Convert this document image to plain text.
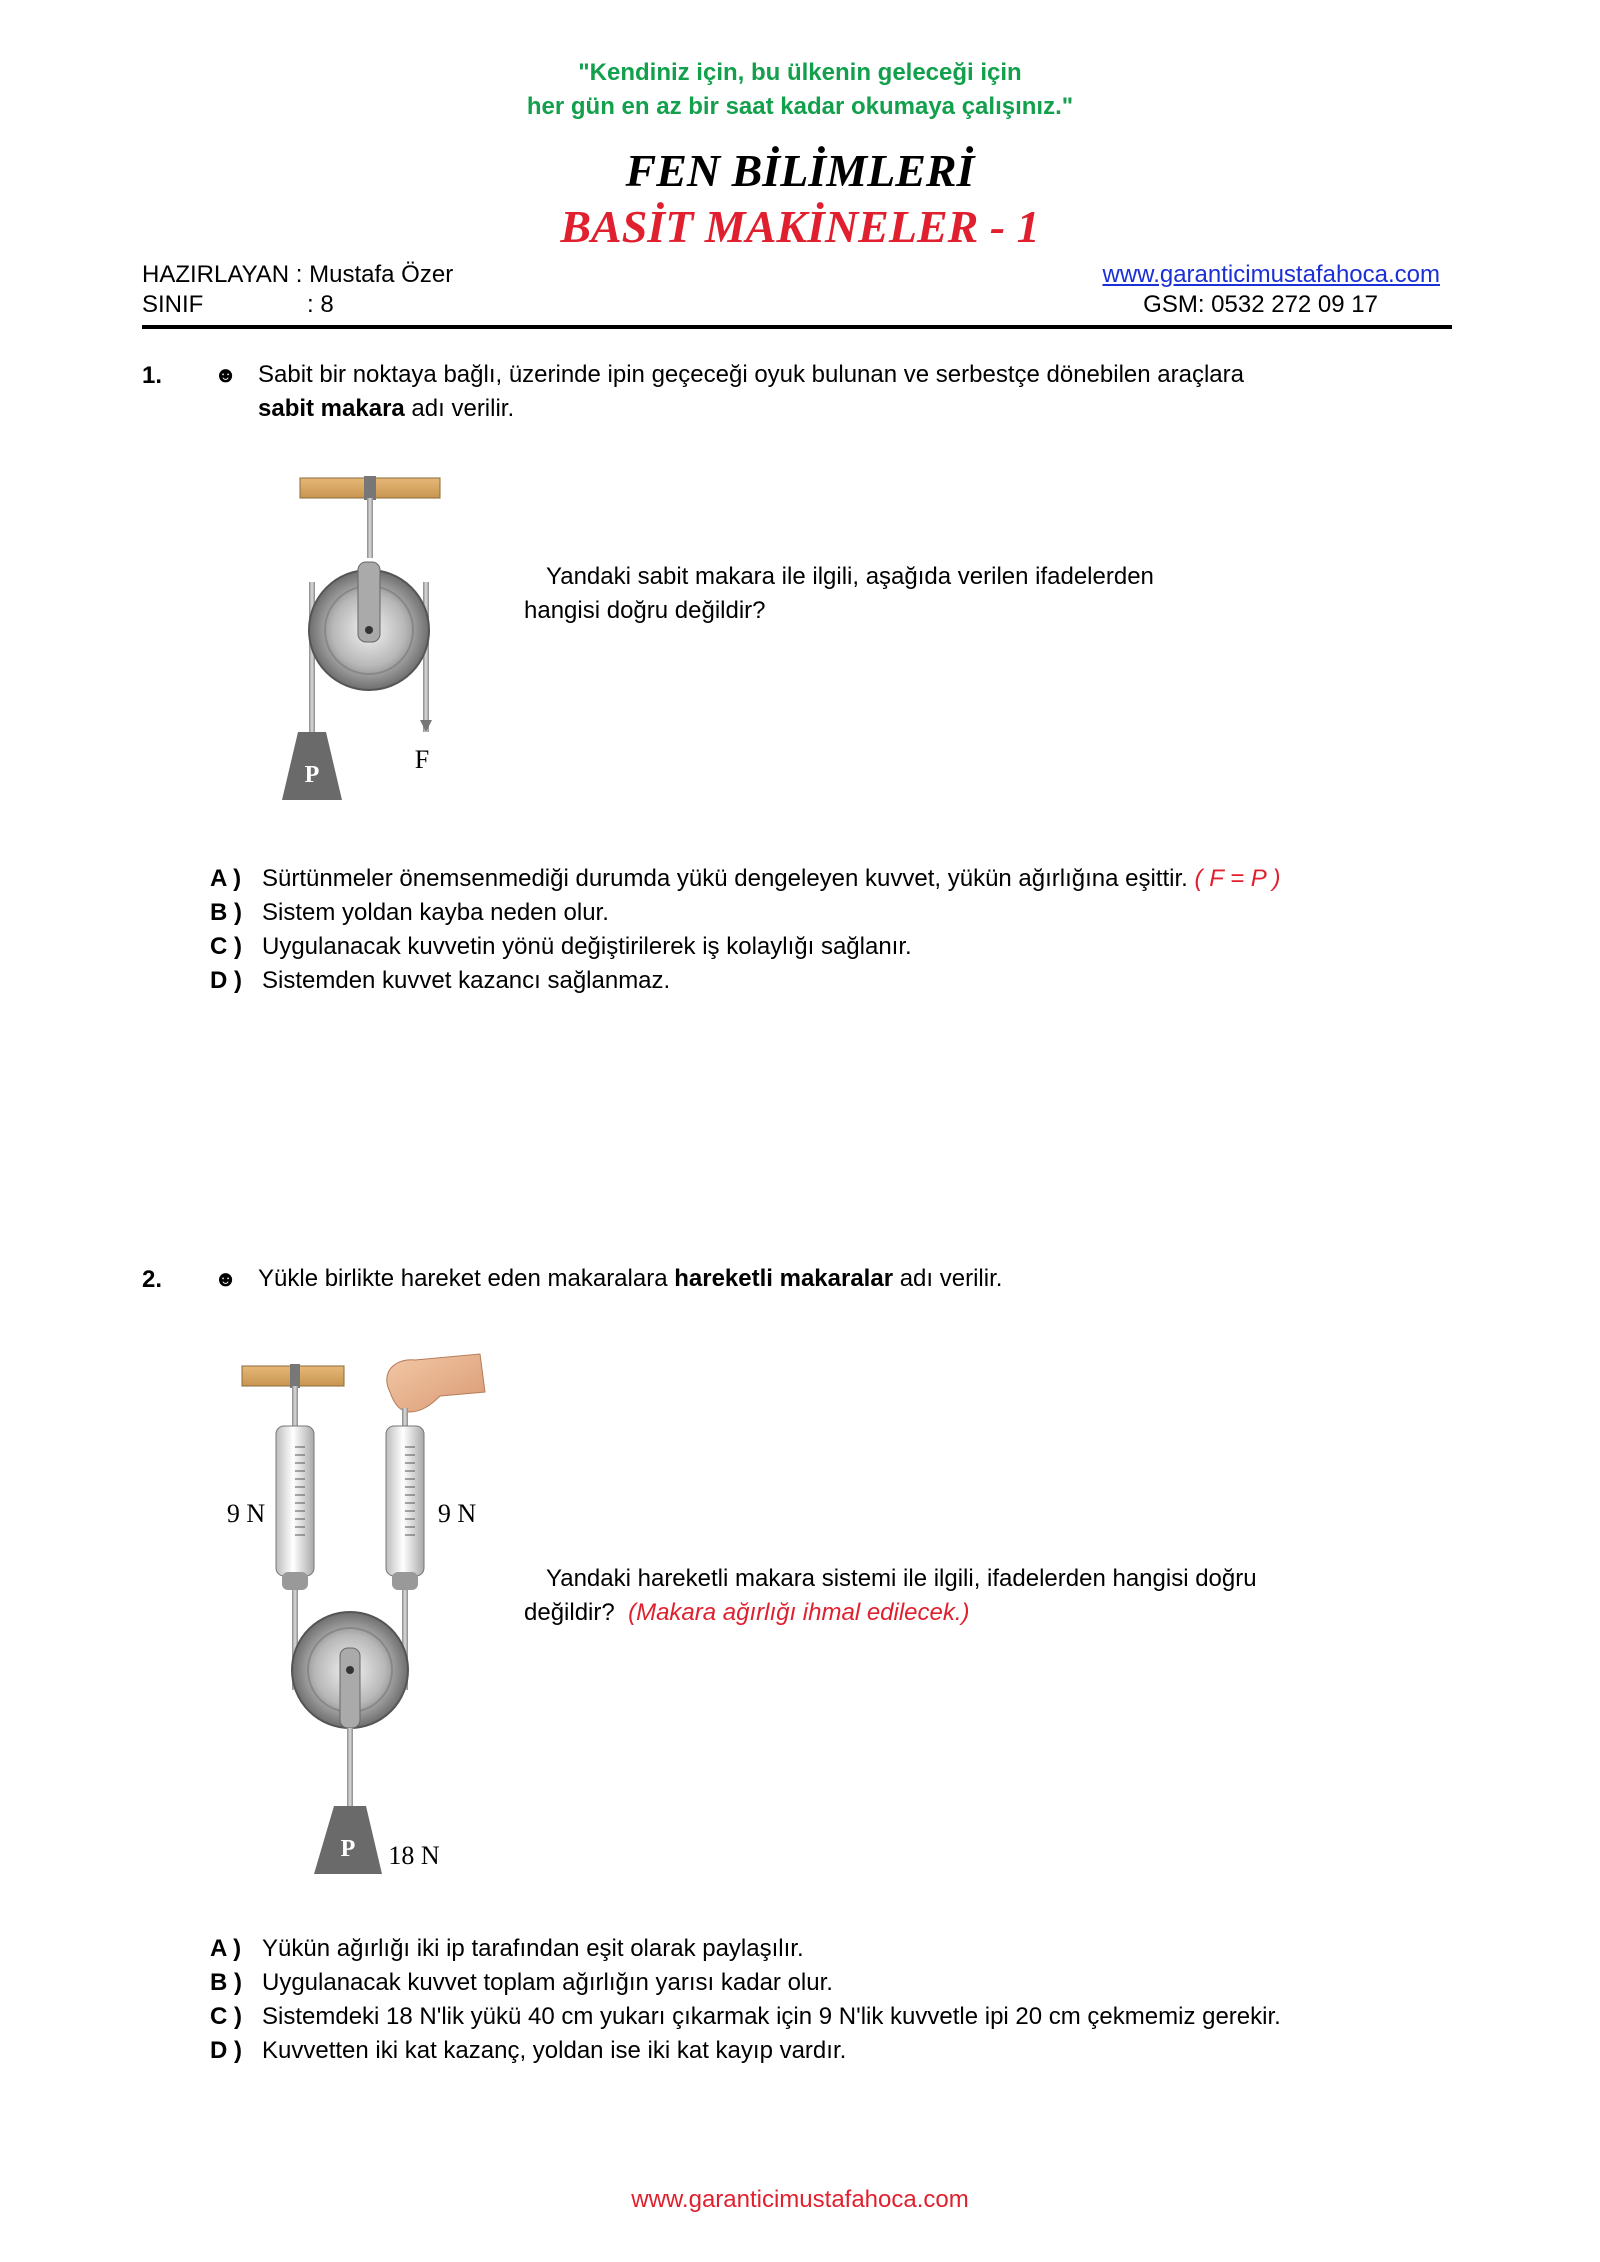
"Kendiniz için, bu ülkenin geleceği için
her gün en az bir saat kadar okumaya çalışınız."
FEN BİLİMLERİ
BASİT MAKİNELER - 1
HAZIRLAYAN : Mustafa Özer
SINIF	: 8
www.garanticimustafahoca.com
GSM: 0532 272 09 17
1. ☻ Sabit bir noktaya bağlı, üzerinde ipin geçeceği oyuk bulunan ve serbestçe dönebilen araçlara
sabit makara adı verilir.
P
F
Yandaki sabit makara ile ilgili, aşağıda verilen ifadelerden
hangisi doğru değildir?
A ) Sürtünmeler önemsenmediği durumda yükü dengeleyen kuvvet, yükün ağırlığına eşittir. ( F = P )
B ) Sistem yoldan kayba neden olur.
C ) Uygulanacak kuvvetin yönü değiştirilerek iş kolaylığı sağlanır.
D ) Sistemden kuvvet kazancı sağlanmaz.
2. ☻ Yükle birlikte hareket eden makaralara hareketli makaralar adı verilir.
9 N	9 N
P 18 N
Yandaki hareketli makara sistemi ile ilgili, ifadelerden hangisi doğru
değildir? (Makara ağırlığı ihmal edilecek.)
A ) Yükün ağırlığı iki ip tarafından eşit olarak paylaşılır.
B ) Uygulanacak kuvvet toplam ağırlığın yarısı kadar olur.
C ) Sistemdeki 18 N'lik yükü 40 cm yukarı çıkarmak için 9 N'lik kuvvetle ipi 20 cm çekmemiz gerekir.
D ) Kuvvetten iki kat kazanç, yoldan ise iki kat kayıp vardır.
www.garanticimustafahoca.com
